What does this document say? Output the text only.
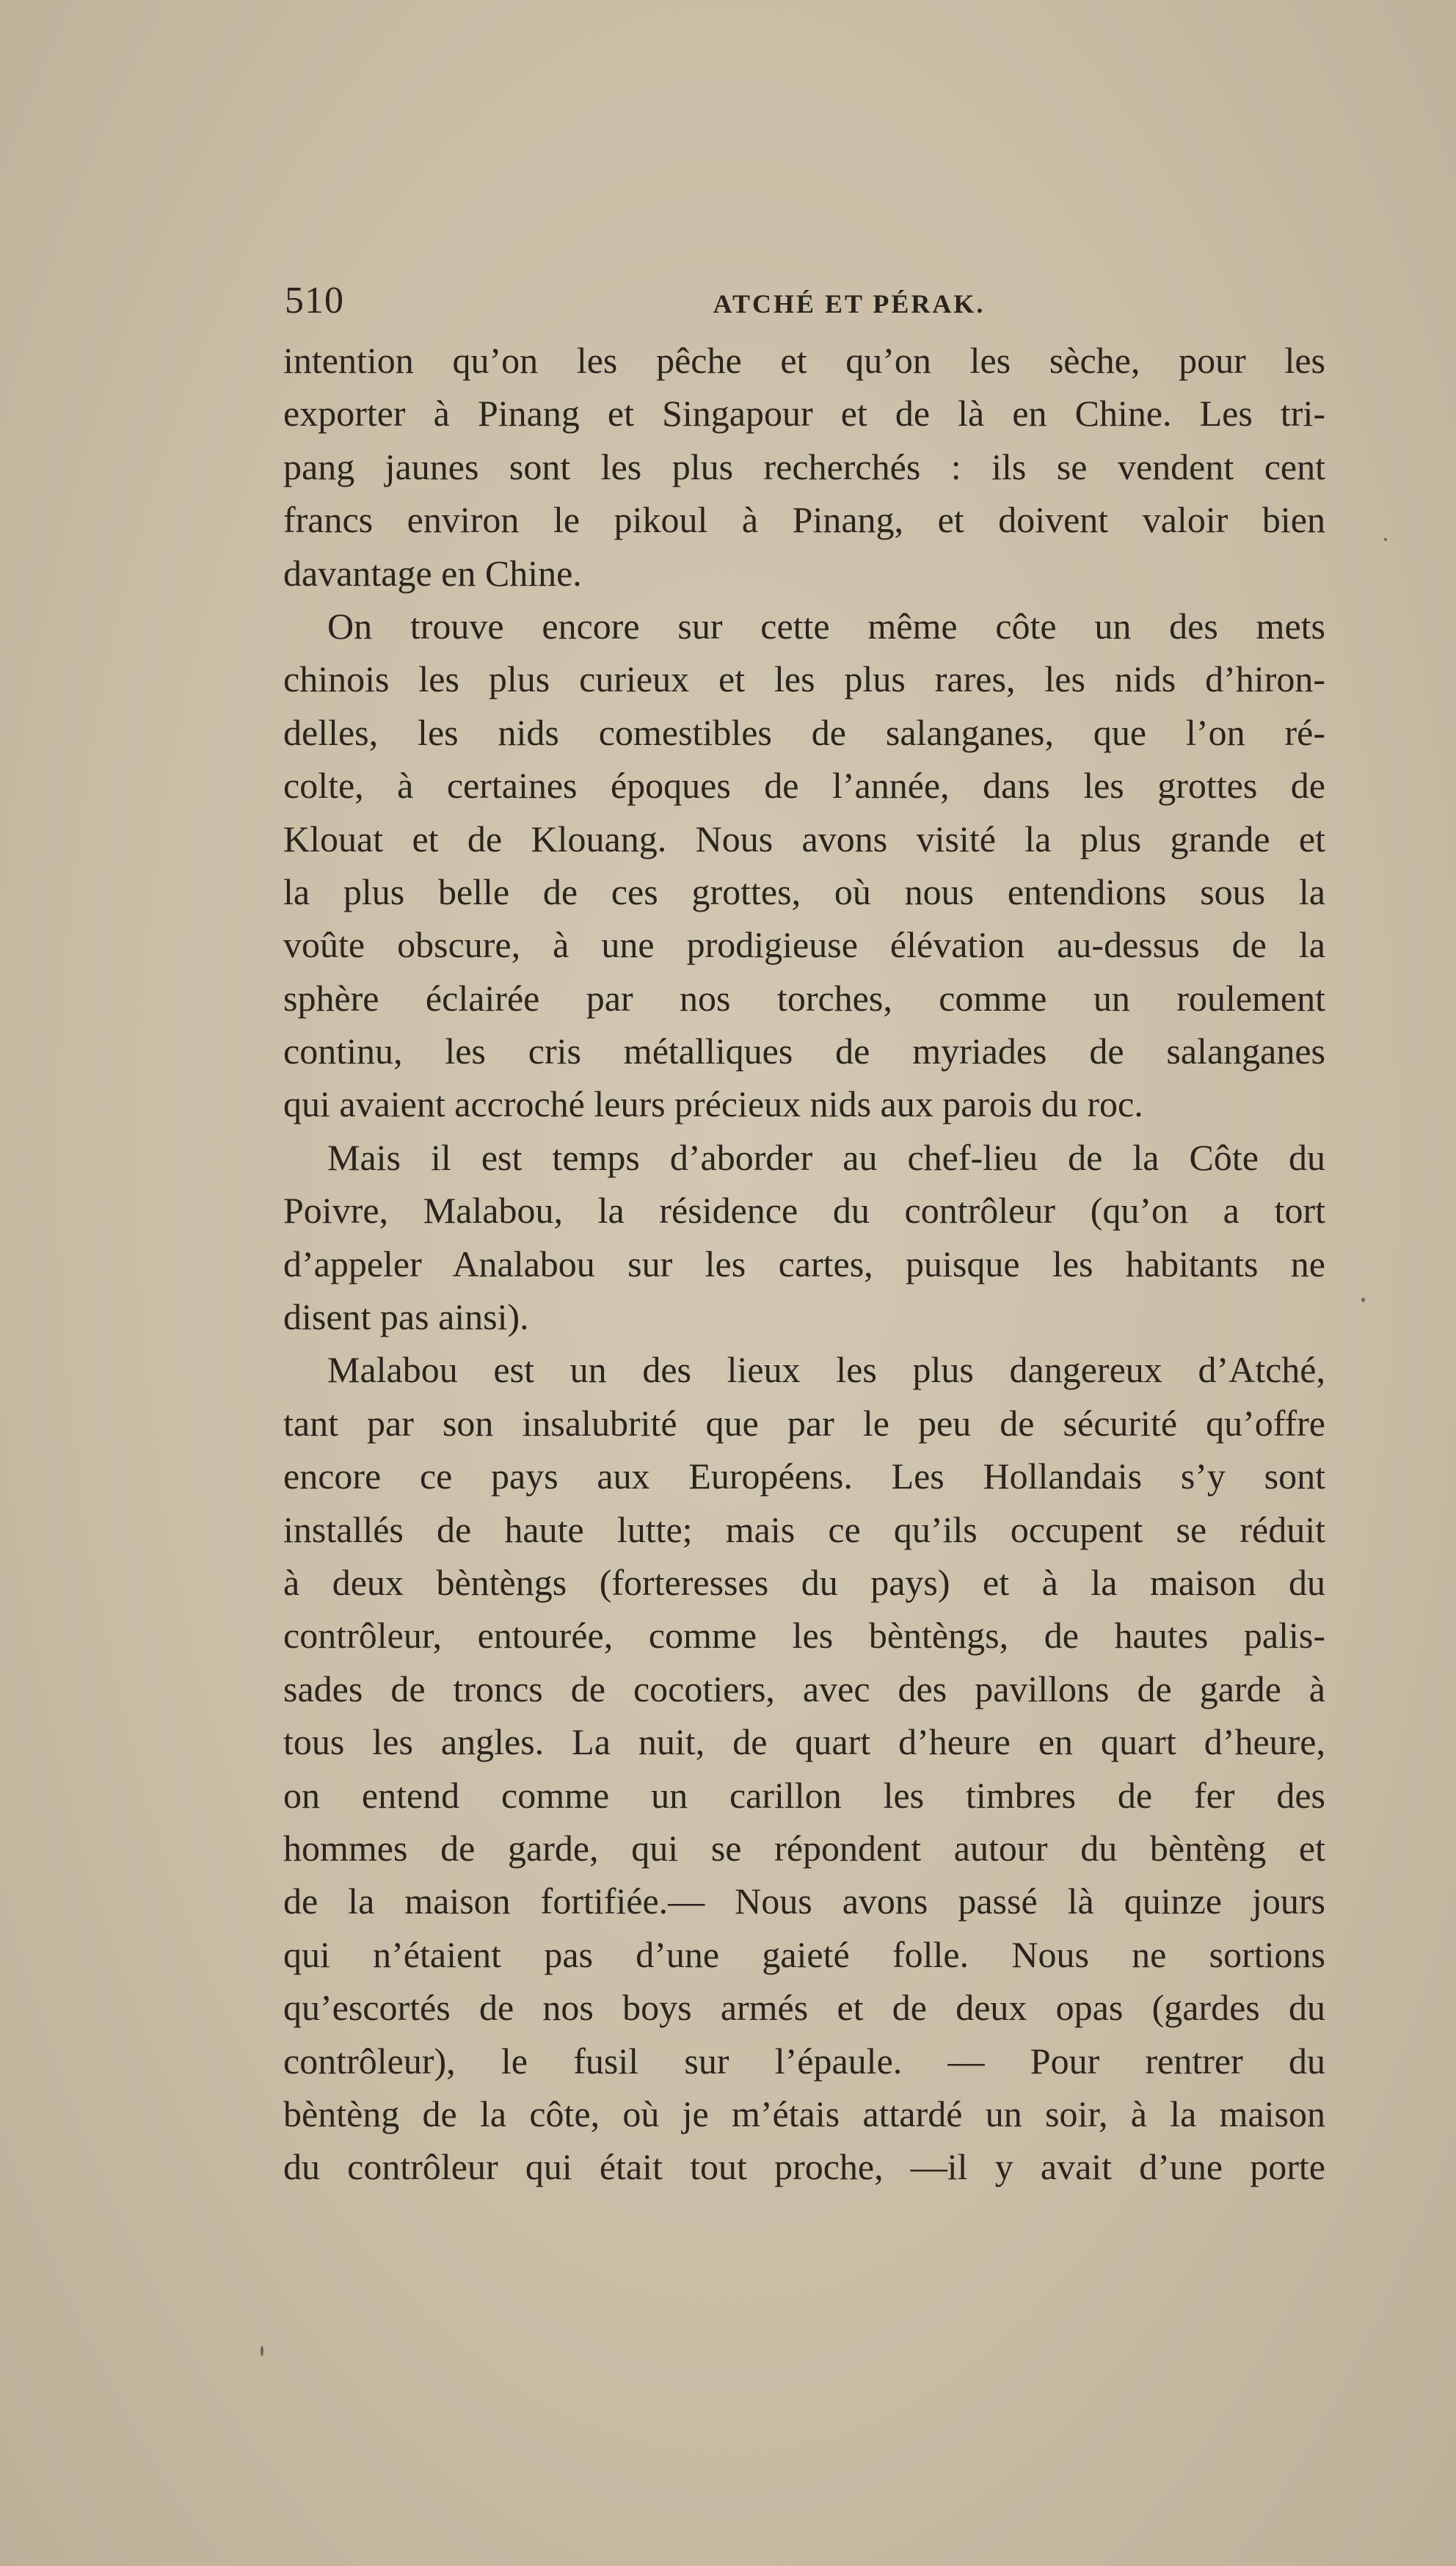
510	ATCHÉ ET PÉRAK.
intention qu’on les pêche et qu’on les sèche, pour les
exporter à Pinang et Singapour et de là en Chine. Les tri-
pang jaunes sont les plus recherchés : ils se vendent cent
francs environ le pikoul à Pinang, et doivent valoir bien
davantage en Chine.
On trouve encore sur cette même côte un des mets
chinois les plus curieux et les plus rares, les nids d’hiron-
delles, les nids comestibles de salanganes, que l’on ré-
colte, à certaines époques de l’année, dans les grottes de
Klouat et de Klouang. Nous avons visité la plus grande et
la plus belle de ces grottes, où nous entendions sous la
voûte obscure, à une prodigieuse élévation au-dessus de la
sphère éclairée par nos torches, comme un roulement
continu, les cris métalliques de myriades de salanganes
qui avaient accroché leurs précieux nids aux parois du roc.
Mais il est temps d’aborder au chef-lieu de la Côte du
Poivre, Malabou, la résidence du contrôleur (qu’on a tort
d’appeler Analabou sur les cartes, puisque les habitants ne
disent pas ainsi).
Malabou est un des lieux les plus dangereux d’Atché,
tant par son insalubrité que par le peu de sécurité qu’offre
encore ce pays aux Européens. Les Hollandais s’y sont
installés de haute lutte; mais ce qu’ils occupent se réduit
à deux bèntèngs (forteresses du pays) et à la maison du
contrôleur, entourée, comme les bèntèngs, de hautes palis-
sades de troncs de cocotiers, avec des pavillons de garde à
tous les angles. La nuit, de quart d’heure en quart d’heure,
on entend comme un carillon les timbres de fer des
hommes de garde, qui se répondent autour du bèntèng et
de la maison fortifiée.— Nous avons passé là quinze jours
qui n’étaient pas d’une gaieté folle. Nous ne sortions
qu’escortés de nos boys armés et de deux opas (gardes du
contrôleur), le fusil sur l’épaule. — Pour rentrer du
bèntèng de la côte, où je m’étais attardé un soir, à la maison
du contrôleur qui était tout proche, —il y avait d’une porte
